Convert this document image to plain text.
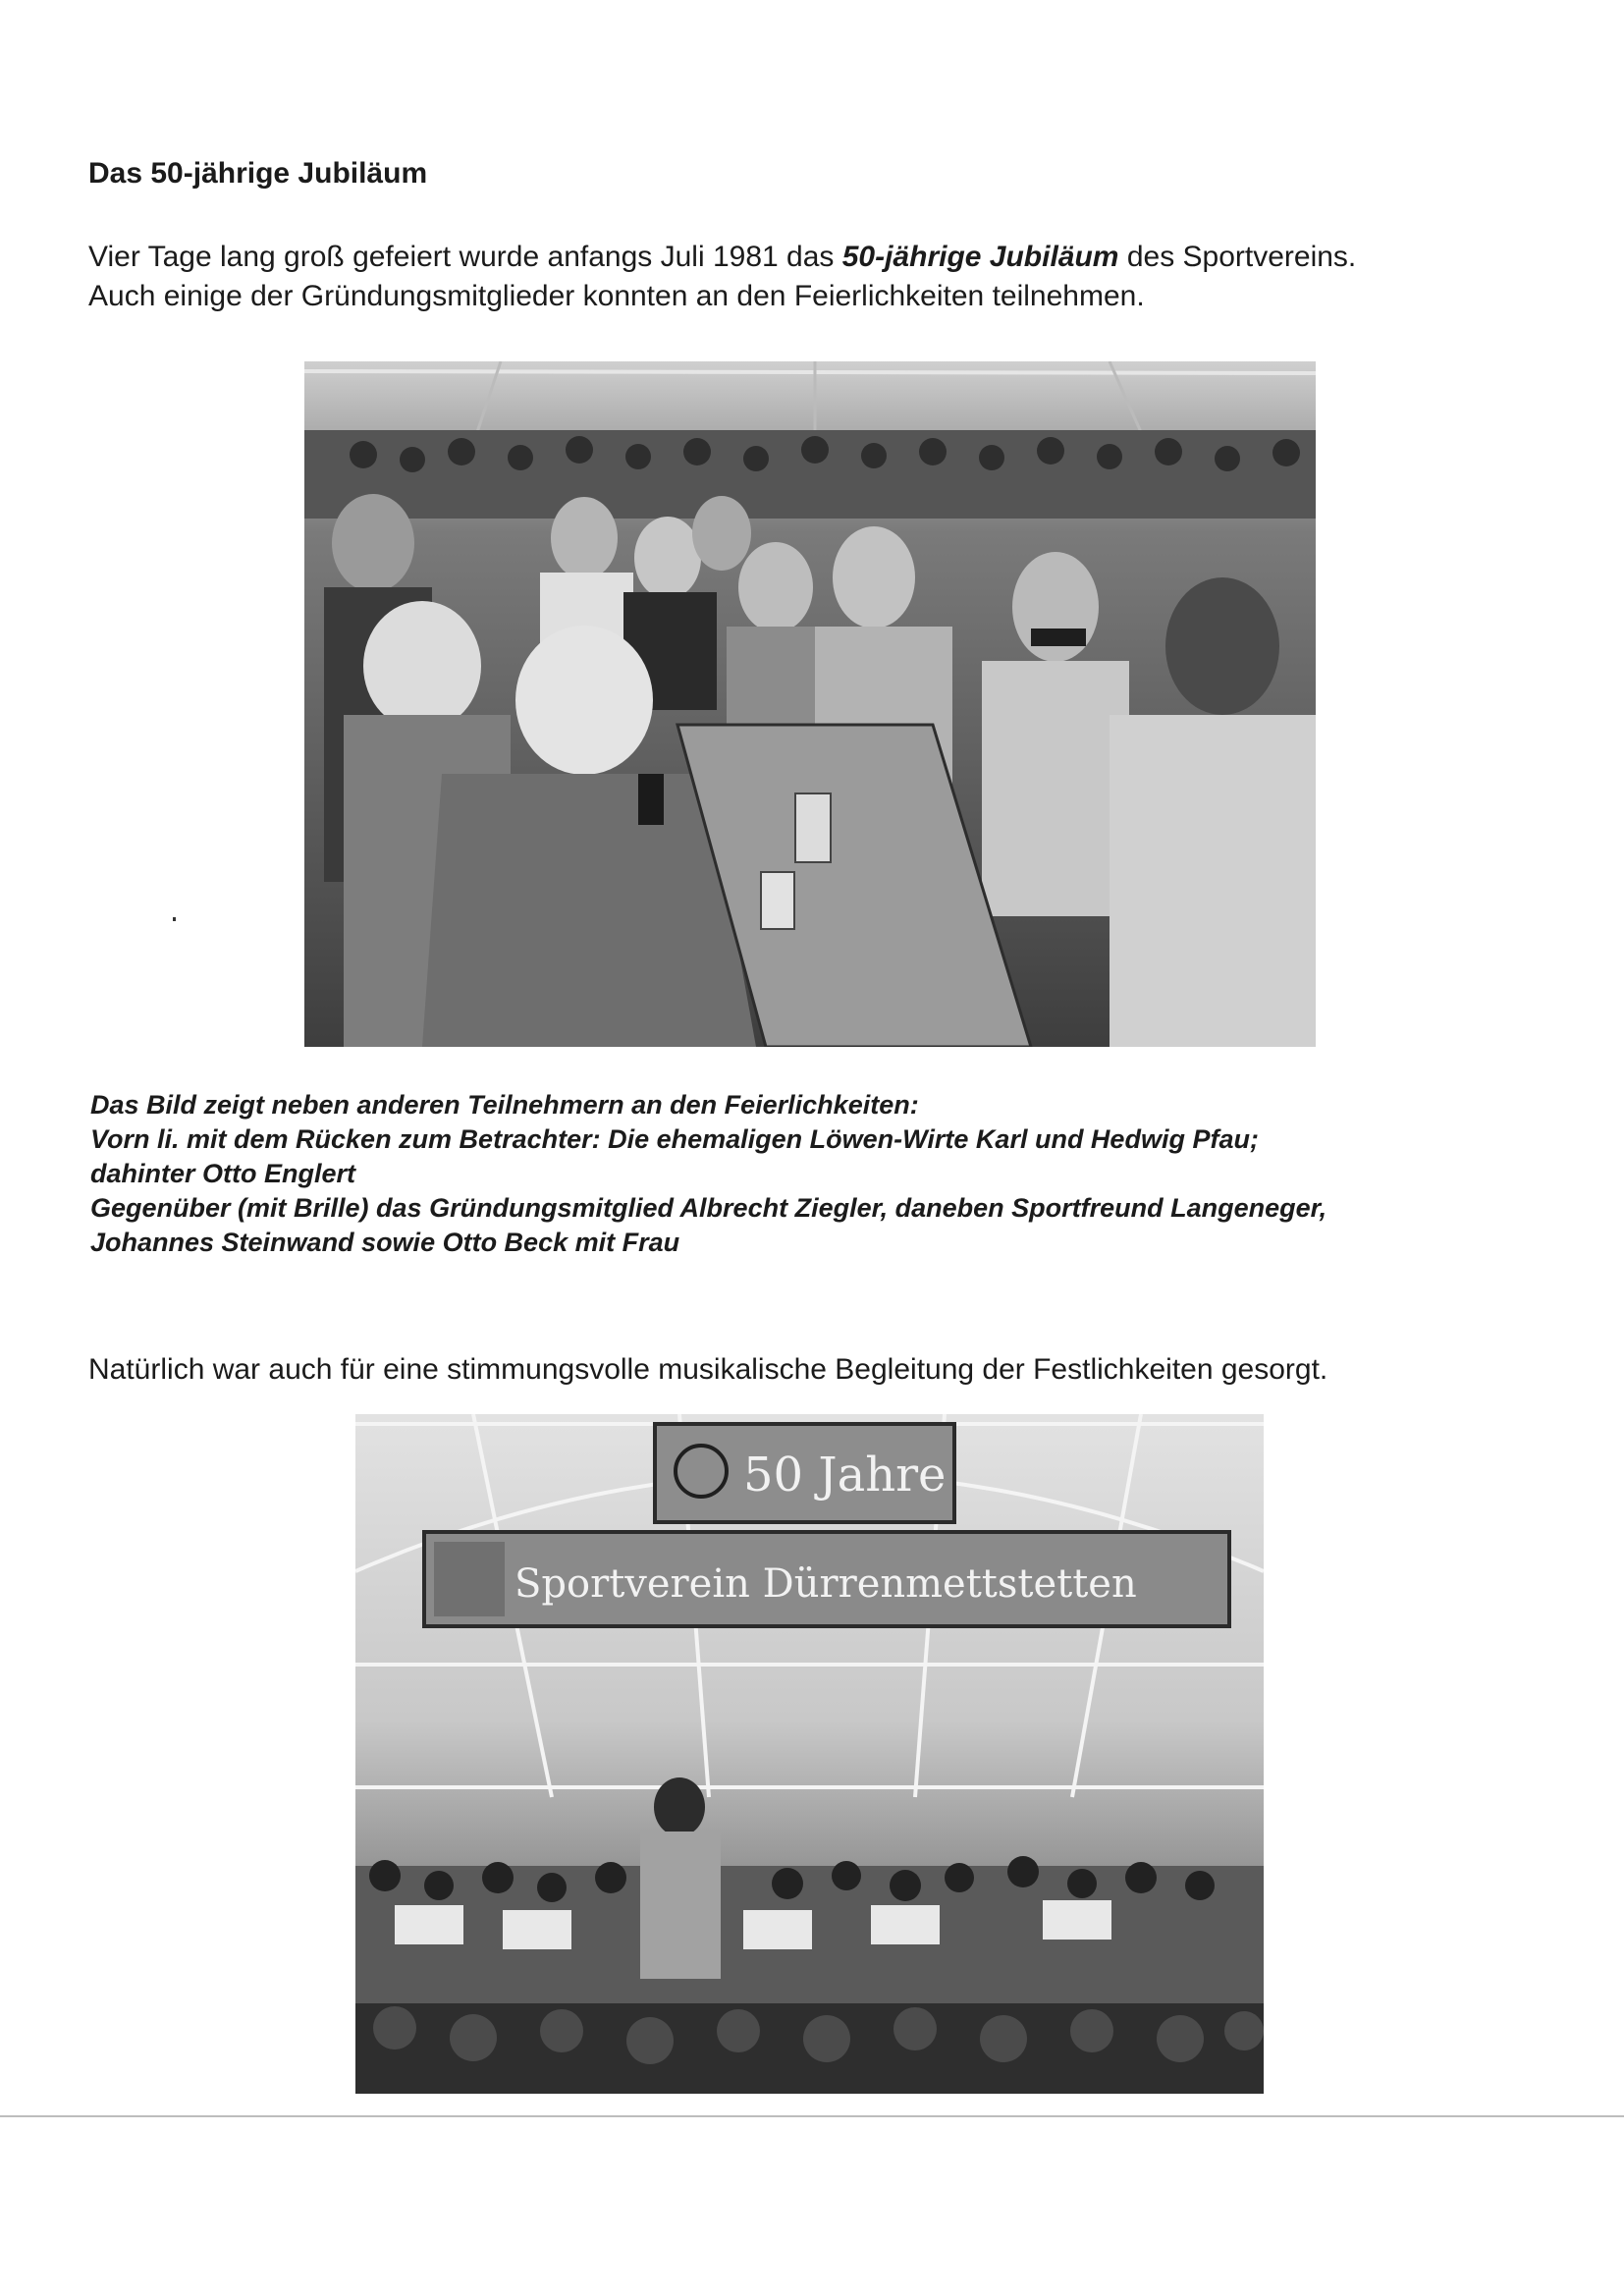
Das 50-jährige Jubiläum
Vier Tage lang groß gefeiert wurde anfangs Juli 1981 das 50-jährige Jubiläum des Sportvereins.
Auch einige der Gründungsmitglieder konnten an den Feierlichkeiten teilnehmen.
Das Bild zeigt neben anderen Teilnehmern an den Feierlichkeiten:
Vorn li. mit dem Rücken zum Betrachter: Die ehemaligen Löwen-Wirte Karl und Hedwig Pfau;
dahinter Otto Englert
Gegenüber (mit Brille) das Gründungsmitglied Albrecht Ziegler, daneben Sportfreund Langeneger,
Johannes Steinwand sowie Otto Beck mit Frau
Natürlich war auch für eine stimmungsvolle musikalische Begleitung der Festlichkeiten gesorgt.
50 Jahre
Sportverein Dürrenmettstetten
